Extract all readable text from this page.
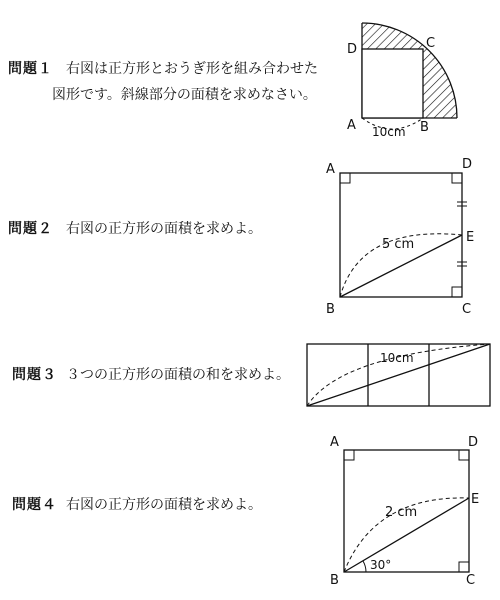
問題１ 右図は正方形とおうぎ形を組み合わせた
図形です。斜線部分の面積を求めなさい。
問題２ 右図の正方形の面積を求めよ。
問題３ ３つの正方形の面積の和を求めよ。
問題４ 右図の正方形の面積を求めよ。
A	B
C
D
10cm
A
B	C
D
E
5 cm
10cm
A
B	C
D
E
2 cm
30°
